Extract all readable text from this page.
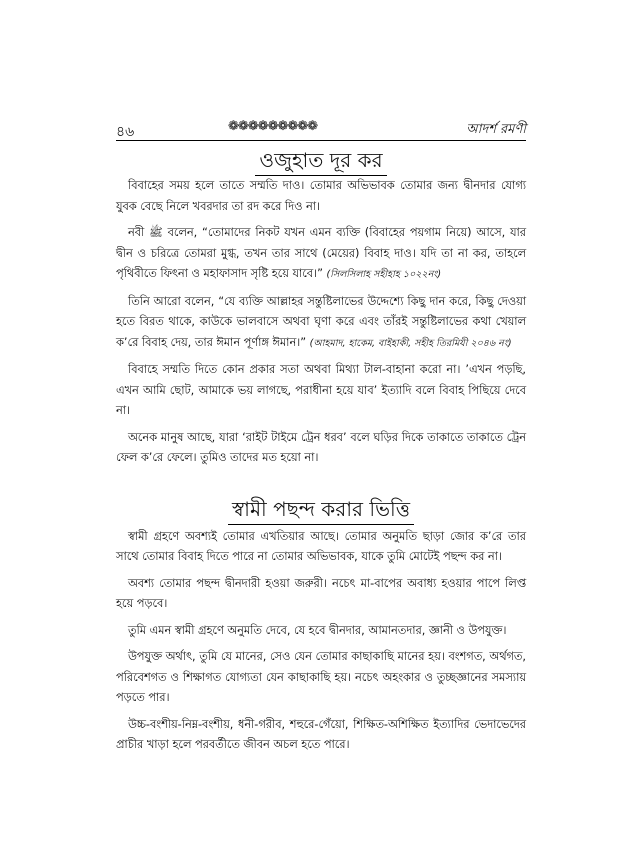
৪৬	❁❁❁❁❁❁❁❁❁	আদর্শ রমণী
ওজুহাত দূর কর

বিবাহের সময় হলে তাতে সম্মতি দাও। তোমার অভিভাবক তোমার জন্য দ্বীনদার যোগ্য যুবক বেছে নিলে খবরদার তা রদ করে দিও না।

নবী ﷺ বলেন, “তোমাদের নিকট যখন এমন ব্যক্তি (বিবাহের পয়গাম নিয়ে) আসে, যার দ্বীন ও চরিত্রে তোমরা মুগ্ধ, তখন তার সাথে (মেয়ের) বিবাহ দাও। যদি তা না কর, তাহলে পৃথিবীতে ফিৎনা ও মহাফাসাদ সৃষ্টি হয়ে যাবে।” (সিলসিলাহ সহীহাহ ১০২২নং)

তিনি আরো বলেন, “যে ব্যক্তি আল্লাহর সন্তুষ্টিলাভের উদ্দেশ্যে কিছু দান করে, কিছু দেওয়া হতে বিরত থাকে, কাউকে ভালবাসে অথবা ঘৃণা করে এবং তাঁরই সন্তুষ্টিলাভের কথা খেয়াল ক’রে বিবাহ দেয়, তার ঈমান পূর্ণাঙ্গ ঈমান।” (আহমাদ, হাকেম, বাইহাকী, সহীহ তিরমিযী ২০৪৬ নং)

বিবাহে সম্মতি দিতে কোন প্রকার সতা অথবা মিথ্যা টাল-বাহানা করো না। ’এখন পড়ছি, এখন আমি ছোট, আমাকে ভয় লাগছে, পরাধীনা হয়ে যাব’ ইত্যাদি বলে বিবাহ পিছিয়ে দেবে না।

অনেক মানুষ আছে, যারা ‘রাইট টাইমে ট্রেন ধরব’ বলে ঘড়ির দিকে তাকাতে তাকাতে ট্রেন ফেল ক’রে ফেলে। তুমিও তাদের মত হয়ো না।

স্বামী পছন্দ করার ভিত্তি

স্বামী গ্রহণে অবশ্যই তোমার এখতিয়ার আছে। তোমার অনুমতি ছাড়া জোর ক’রে তার সাথে তোমার বিবাহ দিতে পারে না তোমার অভিভাবক, যাকে তুমি মোটেই পছন্দ কর না।

অবশ্য তোমার পছন্দ দ্বীনদারী হওয়া জরুরী। নচেৎ মা-বাপের অবাধ্য হওয়ার পাপে লিপ্ত হয়ে পড়বে।

তুমি এমন স্বামী গ্রহণে অনুমতি দেবে, যে হবে দ্বীনদার, আমানতদার, জ্ঞানী ও উপযুক্ত।

উপযুক্ত অর্থাৎ, তুমি যে মানের, সেও যেন তোমার কাছাকাছি মানের হয়। বংশগত, অর্থগত, পরিবেশগত ও শিক্ষাগত যোগ্যতা যেন কাছাকাছি হয়। নচেৎ অহংকার ও তুচ্ছজ্ঞানের সমস্যায় পড়তে পার।

উচ্চ-বংশীয়-নিম্ন-বংশীয়, ধনী-গরীব, শহুরে-গেঁয়ো, শিক্ষিত-অশিক্ষিত ইত্যাদির ভেদাভেদের প্রাচীর খাড়া হলে পরবর্তীতে জীবন অচল হতে পারে।
